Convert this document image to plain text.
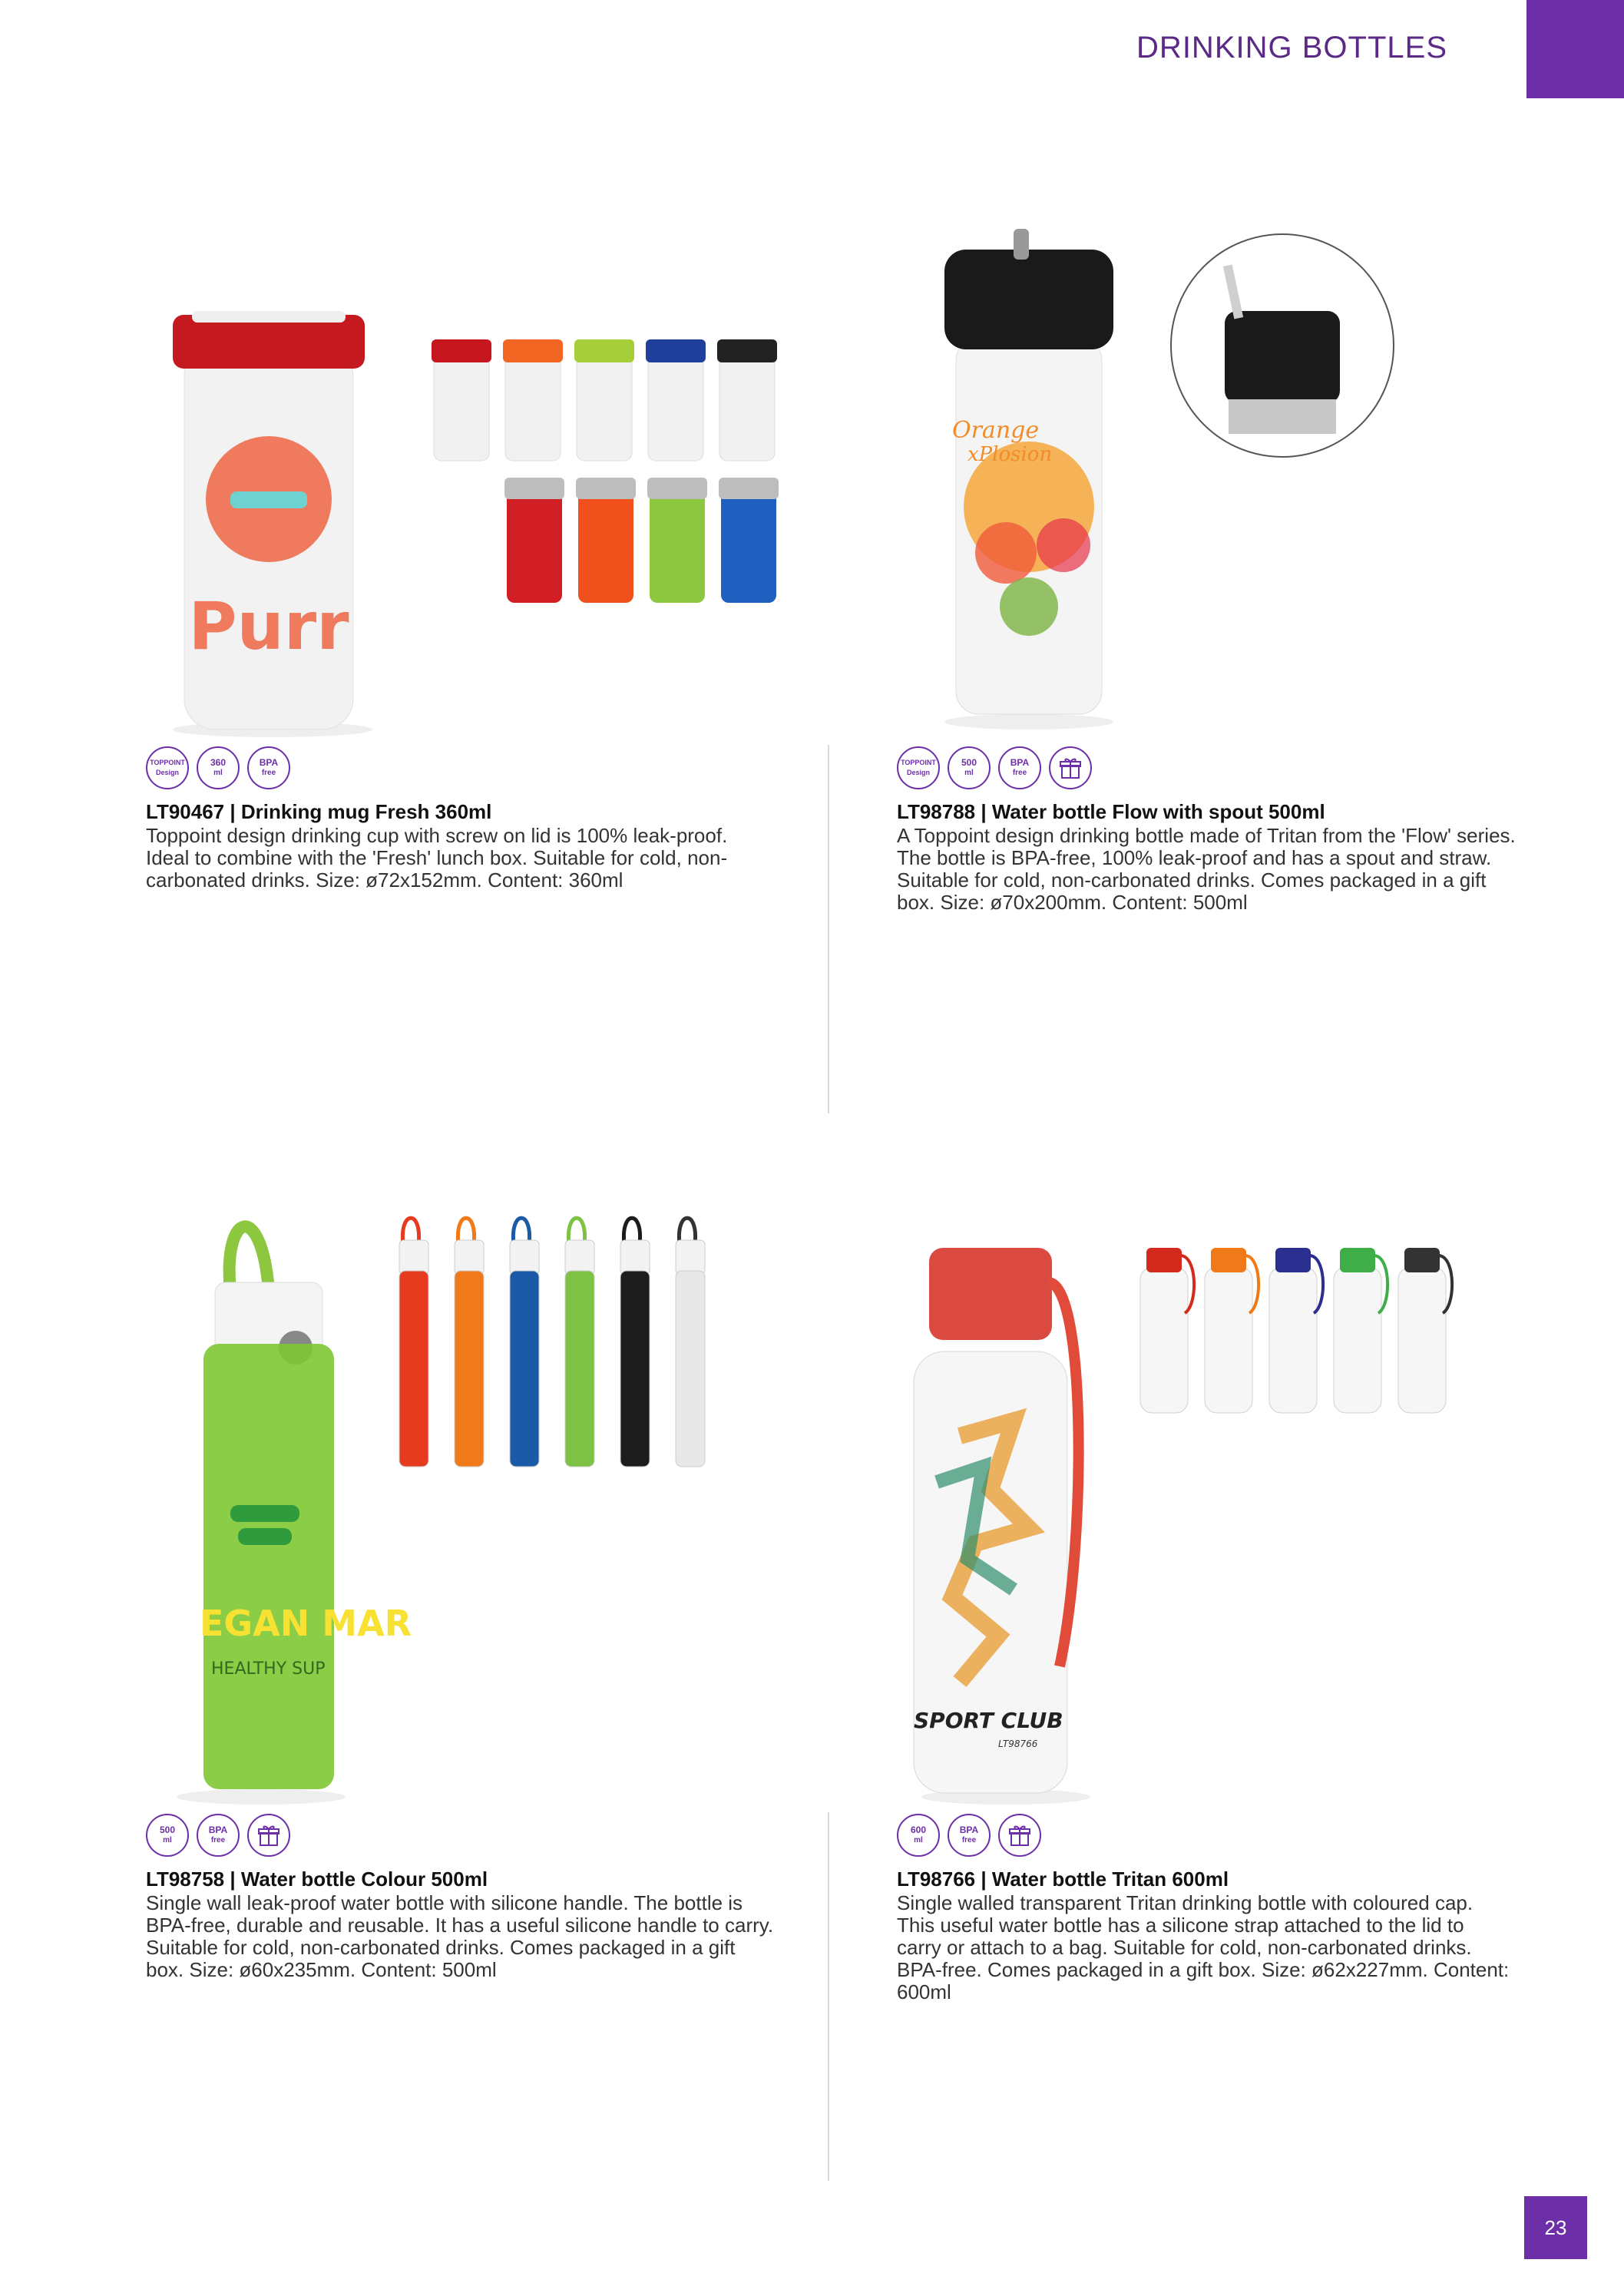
DRINKING BOTTLES
Purr
TOPPOINT
Design
360
ml
BPA
free

LT90467 | Drinking mug Fresh 360ml

Toppoint design drinking cup with screw on lid is 100% leak-proof. Ideal to combine with the 'Fresh' lunch box. Suitable for cold, non-carbonated drinks. Size: ø72x152mm. Content: 360ml

Orange
xPlosion
TOPPOINT
Design
500
ml
BPA
free

LT98788 | Water bottle Flow with spout 500ml

A Toppoint design drinking bottle made of Tritan from the 'Flow' series. The bottle is BPA-free, 100% leak-proof and has a spout and straw. Suitable for cold, non-carbonated drinks. Comes packaged in a gift box. Size: ø70x200mm. Content: 500ml

EGAN MAR
HEALTHY SUP
500
ml
BPA
free

LT98758 | Water bottle Colour 500ml

Single wall leak-proof water bottle with silicone handle. The bottle is BPA-free, durable and reusable. It has a useful silicone handle to carry. Suitable for cold, non-carbonated drinks. Comes packaged in a gift box. Size: ø60x235mm. Content: 500ml

SPORT CLUB
LT98766
600
ml
BPA
free

LT98766 | Water bottle Tritan 600ml

Single walled transparent Tritan drinking bottle with coloured cap. This useful water bottle has a silicone strap attached to the lid to carry or attach to a bag. Suitable for cold, non-carbonated drinks. BPA-free. Comes packaged in a gift box. Size: ø62x227mm. Content: 600ml

23
